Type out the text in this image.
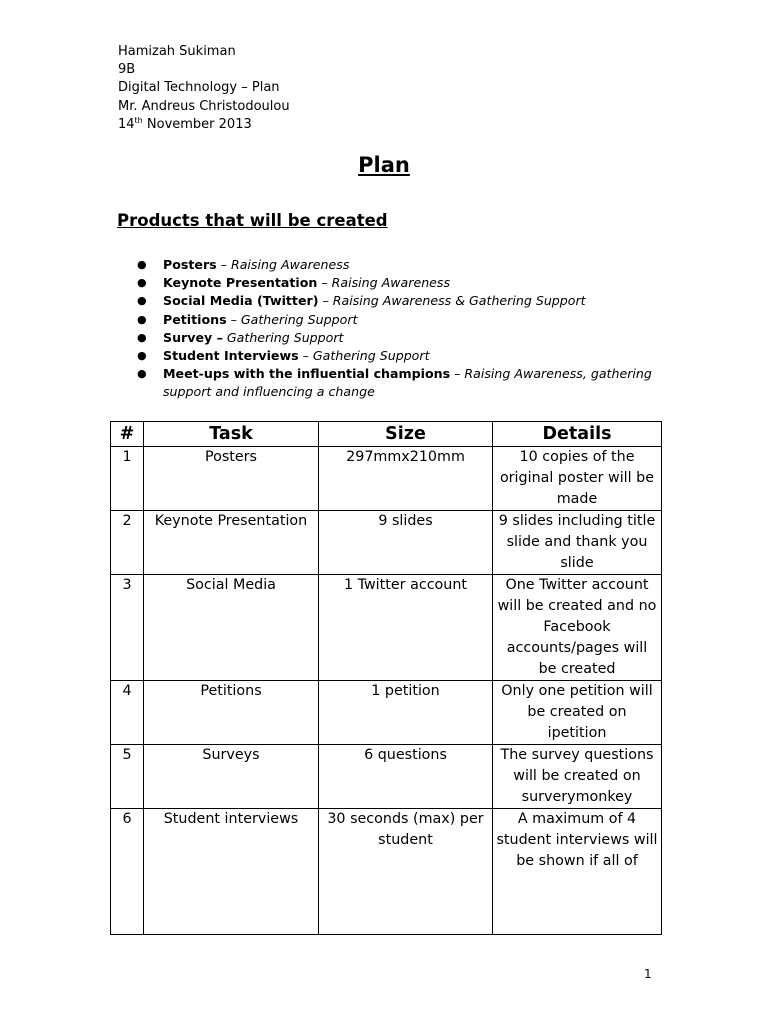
Hamizah Sukiman
9B
Digital Technology – Plan
Mr. Andreus Christodoulou
14th November 2013
Plan
Products that will be created
● Posters – Raising Awareness
● Keynote Presentation – Raising Awareness
● Social Media (Twitter) – Raising Awareness & Gathering Support
● Petitions – Gathering Support
● Survey – Gathering Support
● Student Interviews – Gathering Support
● Meet-ups with the influential champions – Raising Awareness, gathering support and influencing a change
#	Task	Size	Details
1	Posters	297mmx210mm	10 copies of the original poster will be made
2	Keynote Presentation	9 slides	9 slides including title slide and thank you slide
3	Social Media	1 Twitter account	One Twitter account will be created and no Facebook accounts/pages will be created
4	Petitions	1 petition	Only one petition will be created on ipetition
5	Surveys	6 questions	The survey questions will be created on surverymonkey
6	Student interviews	30 seconds (max) per student	A maximum of 4 student interviews will be shown if all of
1
